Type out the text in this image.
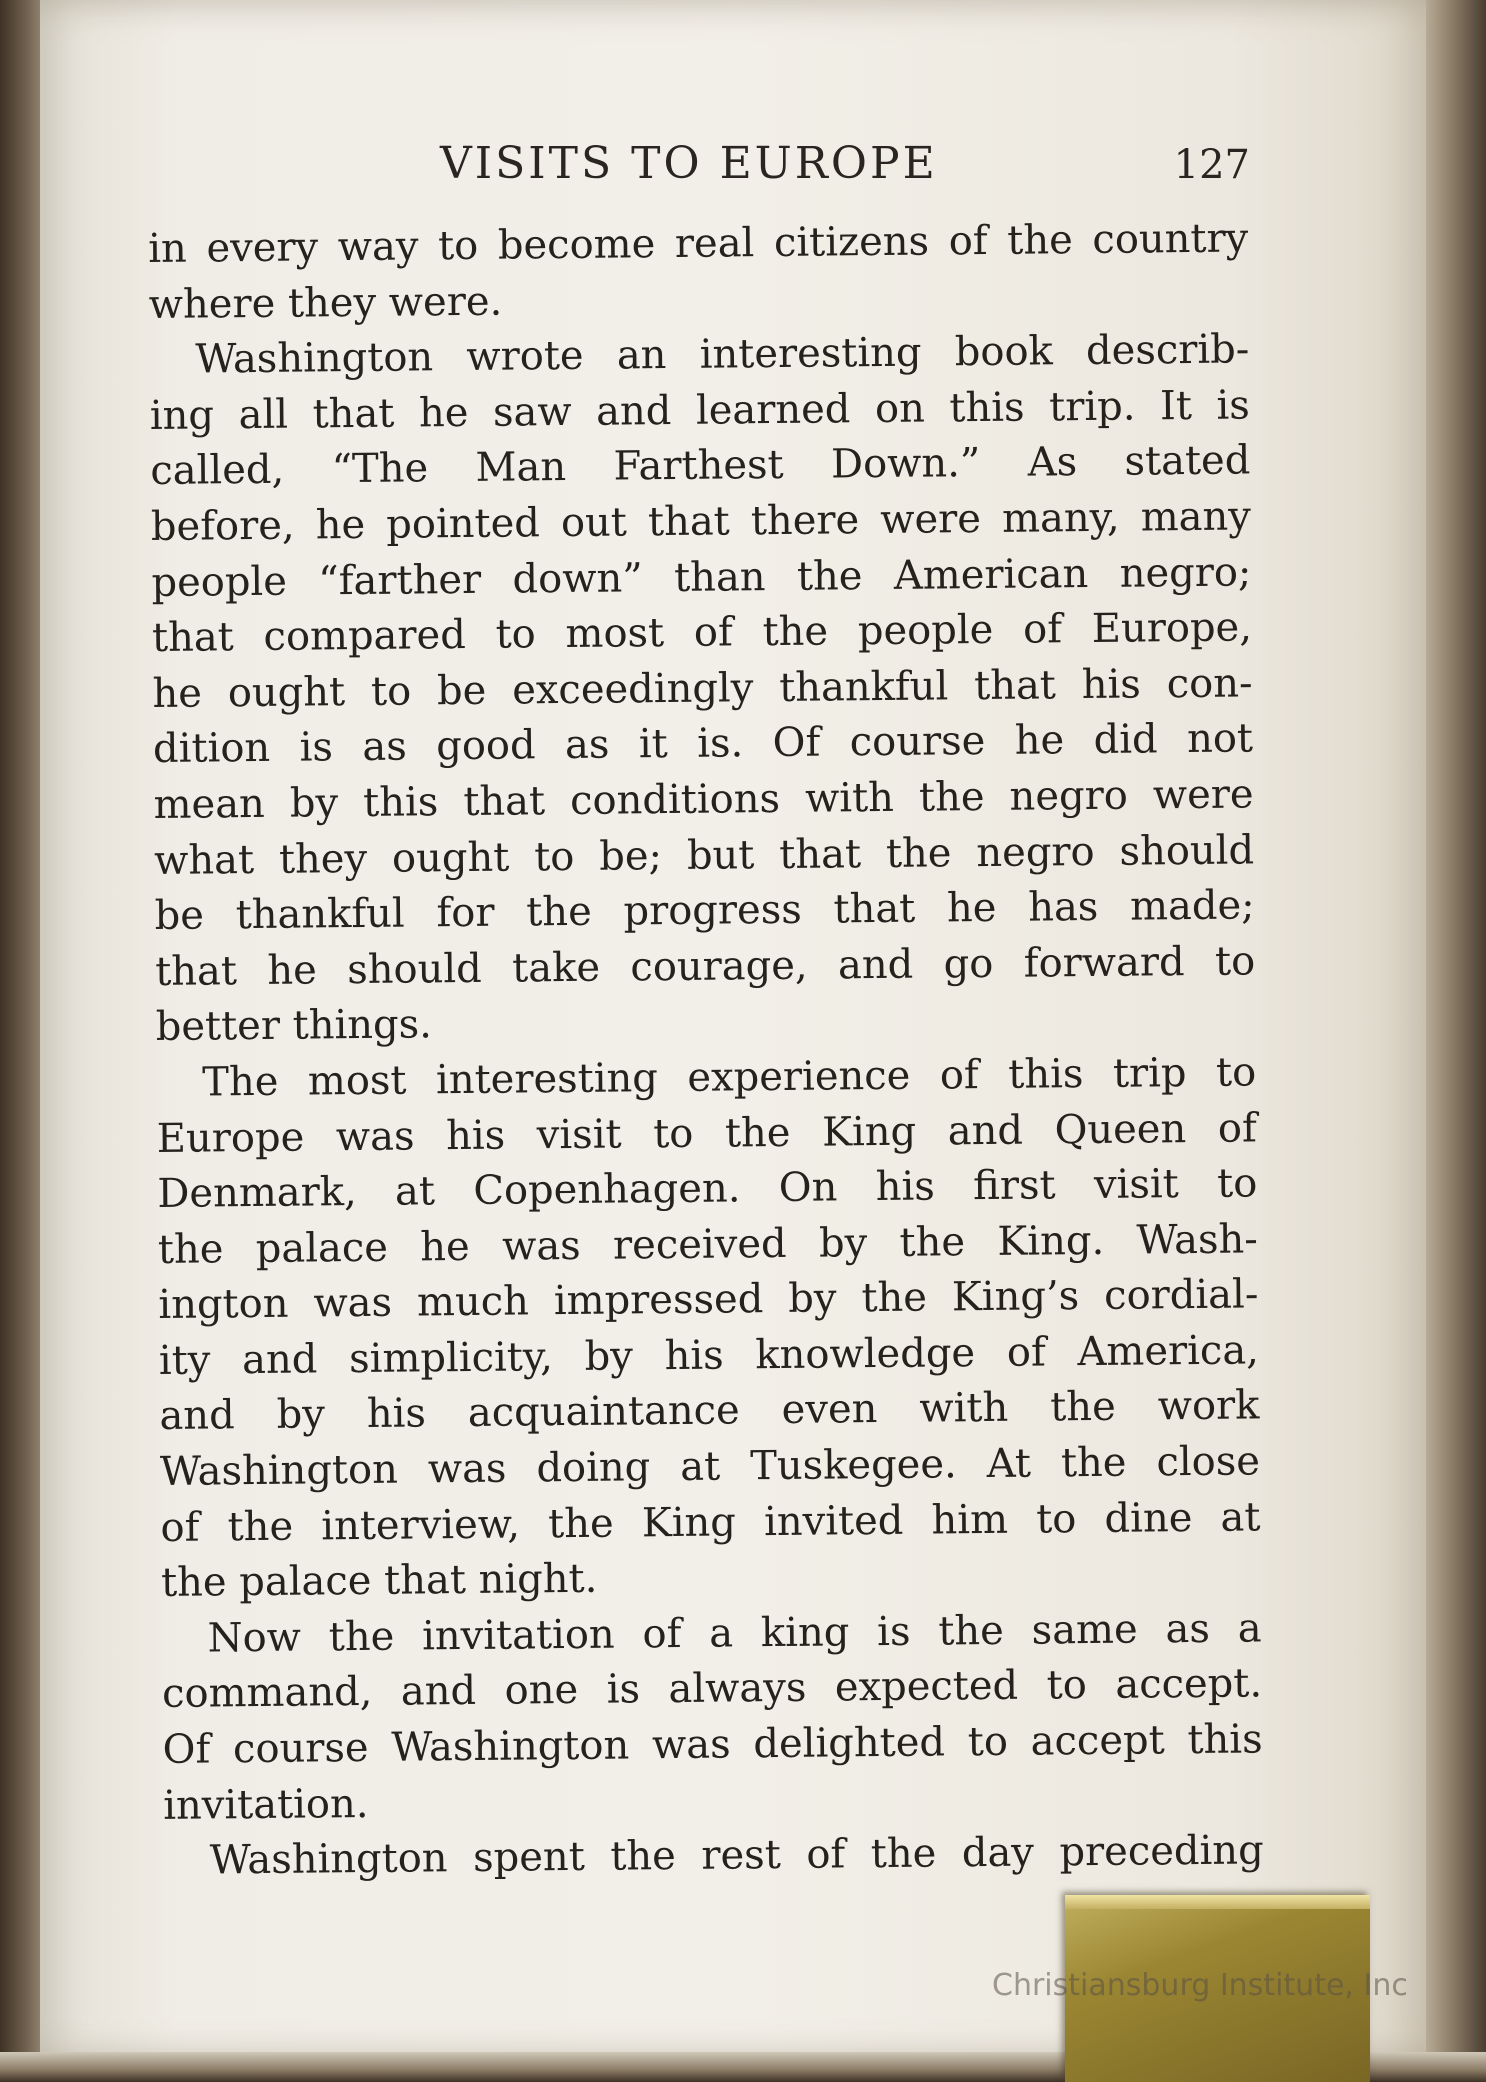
VISITS TO EUROPE	127
in every way to become real citizens of the country
where they were.
Washington wrote an interesting book describ-
ing all that he saw and learned on this trip. It is
called, “The Man Farthest Down.” As stated
before, he pointed out that there were many, many
people “farther down” than the American negro;
that compared to most of the people of Europe,
he ought to be exceedingly thankful that his con-
dition is as good as it is. Of course he did not
mean by this that conditions with the negro were
what they ought to be; but that the negro should
be thankful for the progress that he has made;
that he should take courage, and go forward to
better things.
The most interesting experience of this trip to
Europe was his visit to the King and Queen of
Denmark, at Copenhagen. On his first visit to
the palace he was received by the King. Wash-
ington was much impressed by the King’s cordial-
ity and simplicity, by his knowledge of America,
and by his acquaintance even with the work
Washington was doing at Tuskegee. At the close
of the interview, the King invited him to dine at
the palace that night.
Now the invitation of a king is the same as a
command, and one is always expected to accept.
Of course Washington was delighted to accept this
invitation.
Washington spent the rest of the day preceding
Christiansburg Institute, Inc
